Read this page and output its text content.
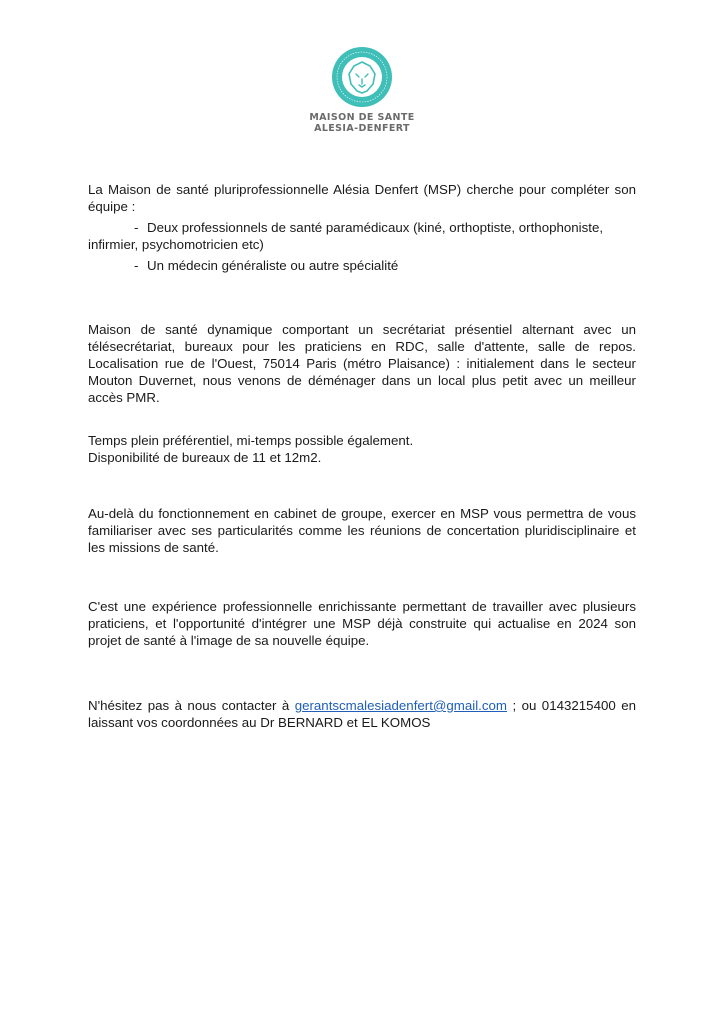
MAISON DE SANTE
ALESIA-DENFERT

La Maison de santé pluriprofessionnelle Alésia Denfert (MSP) cherche pour compléter son équipe :

- Deux professionnels de santé paramédicaux (kiné, orthoptiste, orthophoniste,
infirmier, psychomotricien etc)
- Un médecin généraliste ou autre spécialité

Maison de santé dynamique comportant un secrétariat présentiel alternant avec un télésecrétariat, bureaux pour les praticiens en RDC, salle d'attente, salle de repos. Localisation rue de l'Ouest, 75014 Paris (métro Plaisance) : initialement dans le secteur Mouton Duvernet, nous venons de déménager dans un local plus petit avec un meilleur accès PMR.

Temps plein préférentiel, mi-temps possible également.

Disponibilité de bureaux de 11 et 12m2.

Au-delà du fonctionnement en cabinet de groupe, exercer en MSP vous permettra de vous familiariser avec ses particularités comme les réunions de concertation pluridisciplinaire et les missions de santé.

C'est une expérience professionnelle enrichissante permettant de travailler avec plusieurs praticiens, et l'opportunité d'intégrer une MSP déjà construite qui actualise en 2024 son projet de santé à l'image de sa nouvelle équipe.

N'hésitez pas à nous contacter à gerantscmalesiadenfert@gmail.com ; ou 0143215400 en laissant vos coordonnées au Dr BERNARD et EL KOMOS
